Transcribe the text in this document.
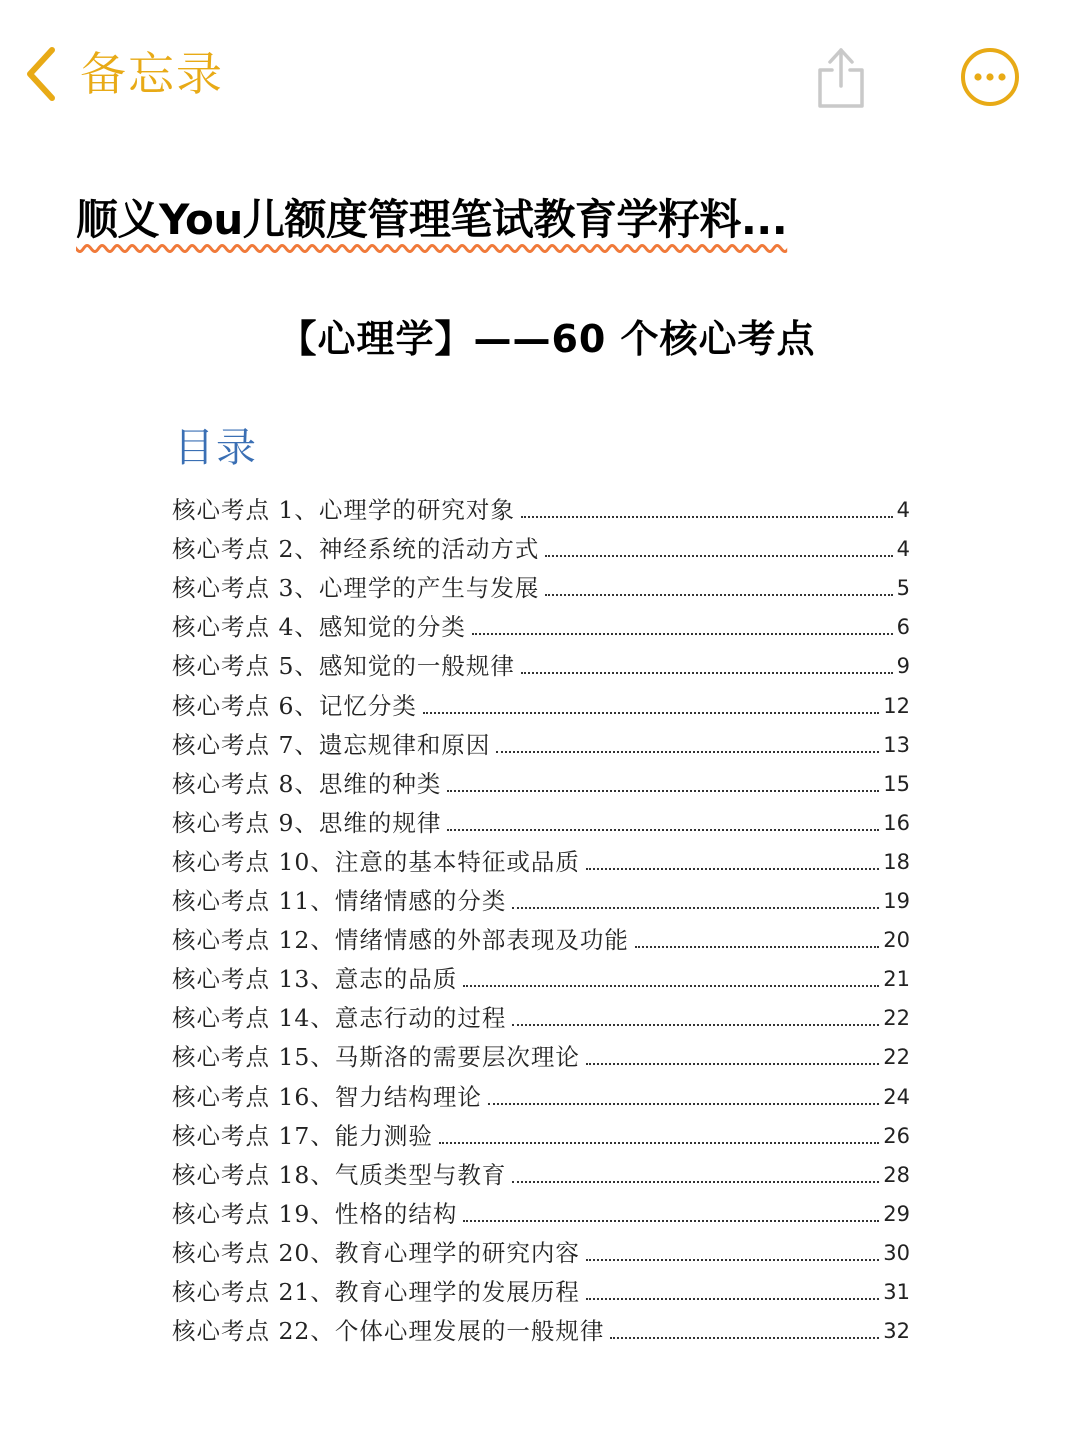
备忘录
顺义You儿额度管理笔试教育学籽料...
【心理学】——60 个核心考点
目录
核心考点 1、心理学的研究对象	4
核心考点 2、神经系统的活动方式	4
核心考点 3、心理学的产生与发展	5
核心考点 4、感知觉的分类	6
核心考点 5、感知觉的一般规律	9
核心考点 6、记忆分类	12
核心考点 7、遗忘规律和原因	13
核心考点 8、思维的种类	15
核心考点 9、思维的规律	16
核心考点 10、注意的基本特征或品质	18
核心考点 11、情绪情感的分类	19
核心考点 12、情绪情感的外部表现及功能	20
核心考点 13、意志的品质	21
核心考点 14、意志行动的过程	22
核心考点 15、马斯洛的需要层次理论	22
核心考点 16、智力结构理论	24
核心考点 17、能力测验	26
核心考点 18、气质类型与教育	28
核心考点 19、性格的结构	29
核心考点 20、教育心理学的研究内容	30
核心考点 21、教育心理学的发展历程	31
核心考点 22、个体心理发展的一般规律	32
